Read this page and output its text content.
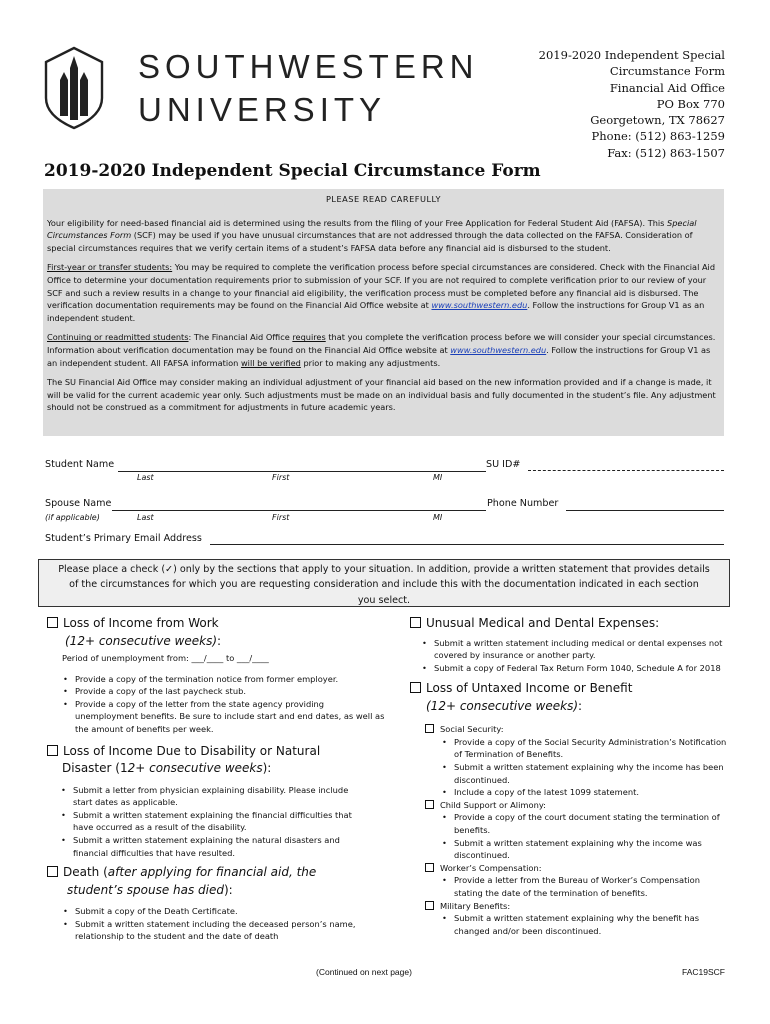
SOUTHWESTERN
UNIVERSITY
2019-2020 Independent Special
Circumstance Form
Financial Aid Office
PO Box 770
Georgetown, TX 78627
Phone: (512) 863-1259
Fax: (512) 863-1507
2019-2020 Independent Special Circumstance Form
PLEASE READ CAREFULLY

Your eligibility for need-based financial aid is determined using the results from the filing of your Free Application for Federal Student Aid (FAFSA). This Special Circumstances Form (SCF) may be used if you have unusual circumstances that are not addressed through the data collected on the FAFSA. Consideration of special circumstances requires that we verify certain items of a student’s FAFSA data before any financial aid is disbursed to the student.

First-year or transfer students: You may be required to complete the verification process before special circumstances are considered. Check with the Financial Aid Office to determine your documentation requirements prior to submission of your SCF. If you are not required to complete verification prior to our review of your SCF and such a review results in a change to your financial aid eligibility, the verification process must be completed before any financial aid is disbursed. The verification documentation requirements may be found on the Financial Aid Office website at www.southwestern.edu. Follow the instructions for Group V1 as an independent student.

Continuing or readmitted students: The Financial Aid Office requires that you complete the verification process before we will consider your special circumstances. Information about verification documentation may be found on the Financial Aid Office website at www.southwestern.edu. Follow the instructions for Group V1 as an independent student. All FAFSA information will be verified prior to making any adjustments.

The SU Financial Aid Office may consider making an individual adjustment of your financial aid based on the new information provided and if a change is made, it will be valid for the current academic year only. Such adjustments must be made on an individual basis and fully documented in the student’s file. Any adjustment should not be construed as a commitment for adjustments in future academic years.

Student Name	SU ID#
Last	First	MI
Spouse Name	Phone Number
(if applicable)	Last	First	MI
Student’s Primary Email Address
Please place a check (✓) only by the sections that apply to your situation. In addition, provide a written statement that provides details
of the circumstances for which you are requesting consideration and include this with the documentation indicated in each section
you select.
Loss of Income from Work
(12+ consecutive weeks):
Period of unemployment from: ___/____ to ___/____
• Provide a copy of the termination notice from former employer.
• Provide a copy of the last paycheck stub.
• Provide a copy of the letter from the state agency providing unemployment benefits. Be sure to include start and end dates, as well as the amount of benefits per week.
Loss of Income Due to Disability or Natural
Disaster (12+ consecutive weeks):
• Submit a letter from physician explaining disability. Please include start dates as applicable.
• Submit a written statement explaining the financial difficulties that have occurred as a result of the disability.
• Submit a written statement explaining the natural disasters and financial difficulties that have resulted.
Death (after applying for financial aid, the
student’s spouse has died):
• Submit a copy of the Death Certificate.
• Submit a written statement including the deceased person’s name, relationship to the student and the date of death
Unusual Medical and Dental Expenses:
• Submit a written statement including medical or dental expenses not covered by insurance or another party.
• Submit a copy of Federal Tax Return Form 1040, Schedule A for 2018
Loss of Untaxed Income or Benefit
(12+ consecutive weeks):
Social Security:
• Provide a copy of the Social Security Administration’s Notification of Termination of Benefits.
• Submit a written statement explaining why the income has been discontinued.
• Include a copy of the latest 1099 statement.
Child Support or Alimony:
• Provide a copy of the court document stating the termination of benefits.
• Submit a written statement explaining why the income was discontinued.
Worker’s Compensation:
• Provide a letter from the Bureau of Worker’s Compensation stating the date of the termination of benefits.
Military Benefits:
• Submit a written statement explaining why the benefit has changed and/or been discontinued.
(Continued on next page)	FAC19SCF
